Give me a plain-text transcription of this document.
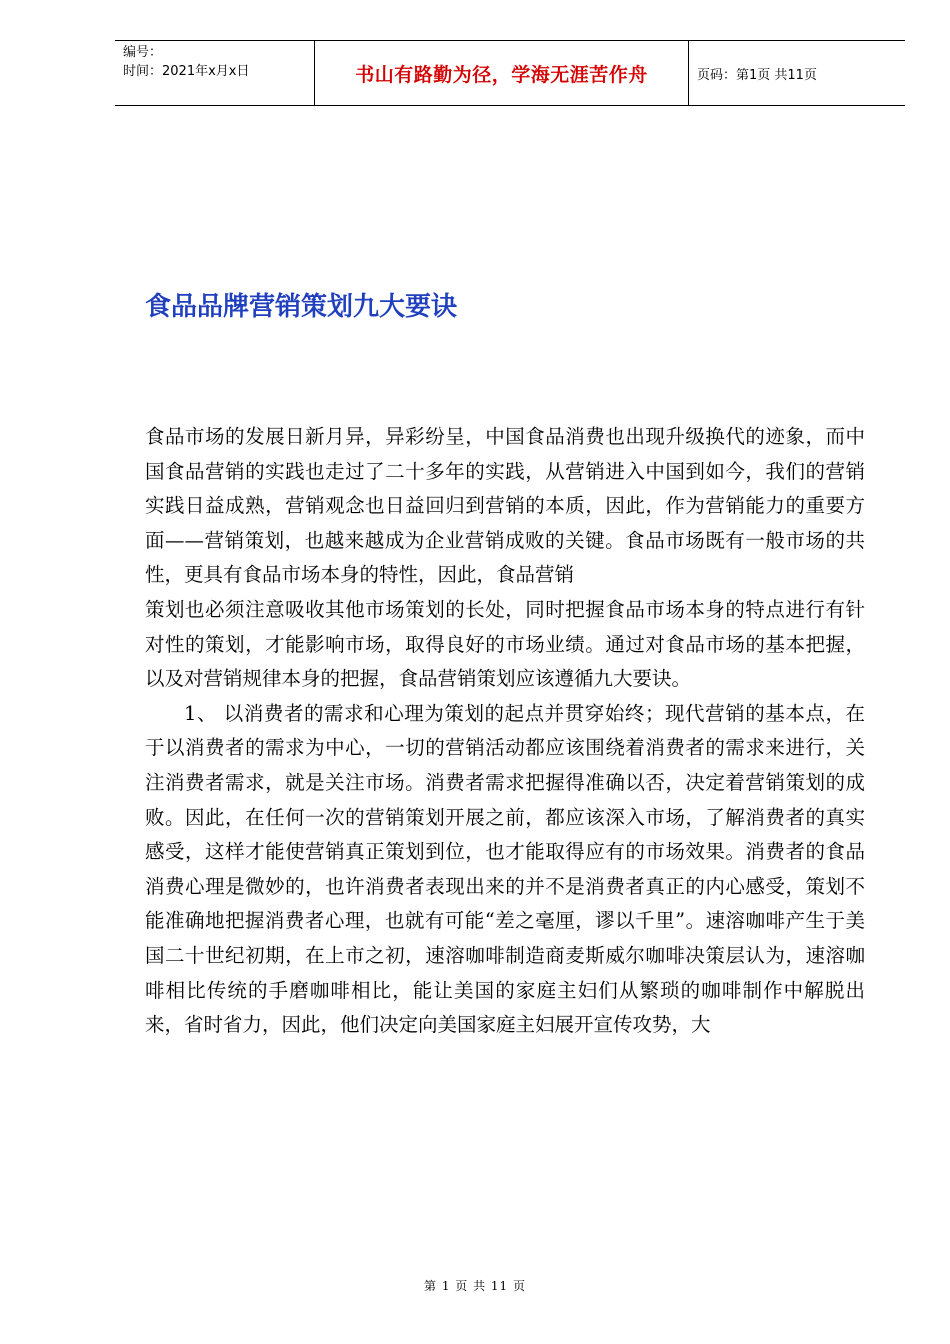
编号：
时间：2021年x月x日	书山有路勤为径，学海无涯苦作舟	页码：第1页 共11页
食品品牌营销策划九大要诀

食品市场的发展日新月异，异彩纷呈，中国食品消费也出现升级换代的迹象，而中国食品营销的实践也走过了二十多年的实践，从营销进入中国到如今，我们的营销实践日益成熟，营销观念也日益回归到营销的本质，因此，作为营销能力的重要方面——营销策划，也越来越成为企业营销成败的关键。食品市场既有一般市场的共性，更具有食品市场本身的特性，因此，食品营销

策划也必须注意吸收其他市场策划的长处，同时把握食品市场本身的特点进行有针对性的策划，才能影响市场，取得良好的市场业绩。通过对食品市场的基本把握，以及对营销规律本身的把握，食品营销策划应该遵循九大要诀。

1、 以消费者的需求和心理为策划的起点并贯穿始终；现代营销的基本点，在于以消费者的需求为中心，一切的营销活动都应该围绕着消费者的需求来进行，关注消费者需求，就是关注市场。消费者需求把握得准确以否，决定着营销策划的成败。因此，在任何一次的营销策划开展之前，都应该深入市场，了解消费者的真实感受，这样才能使营销真正策划到位，也才能取得应有的市场效果。消费者的食品消费心理是微妙的，也许消费者表现出来的并不是消费者真正的内心感受，策划不能准确地把握消费者心理，也就有可能“差之毫厘，谬以千里”。速溶咖啡产生于美国二十世纪初期，在上市之初，速溶咖啡制造商麦斯威尔咖啡决策层认为，速溶咖啡相比传统的手磨咖啡相比，能让美国的家庭主妇们从繁琐的咖啡制作中解脱出来，省时省力，因此，他们决定向美国家庭主妇展开宣传攻势，大

第 1 页 共 11 页
